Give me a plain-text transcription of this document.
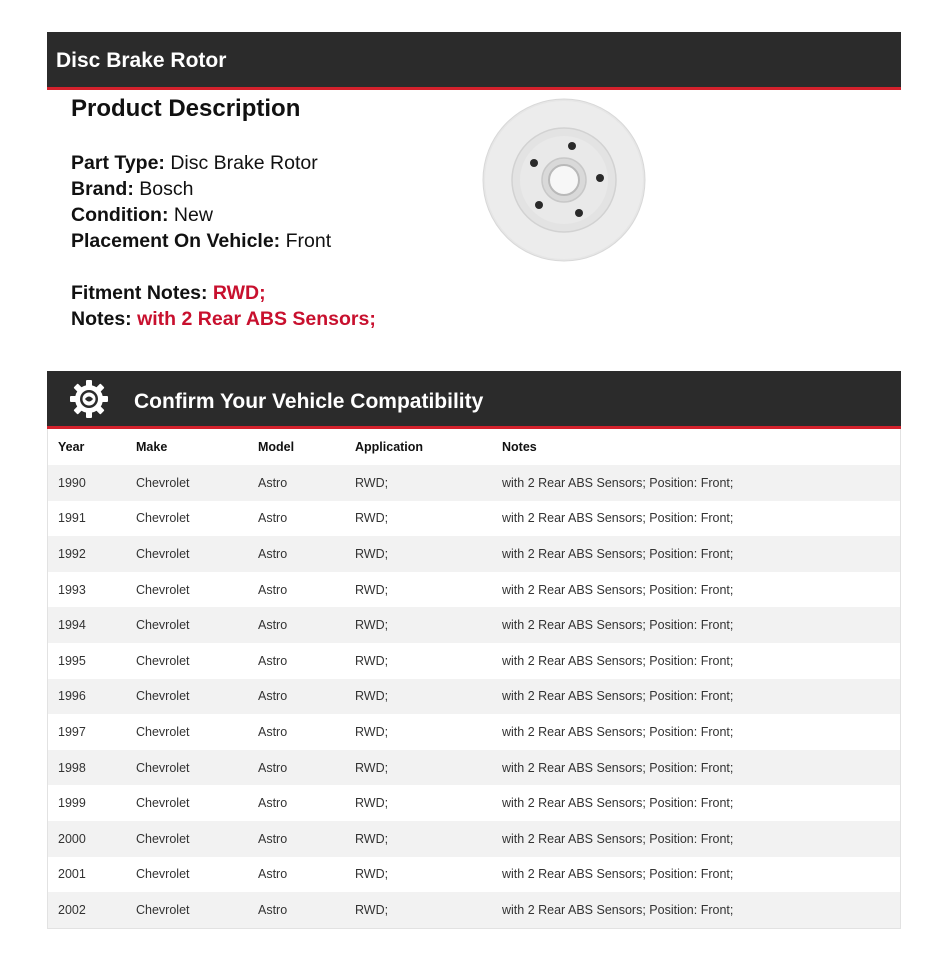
Disc Brake Rotor
Product Description
Part Type: Disc Brake Rotor
Brand: Bosch
Condition: New
Placement On Vehicle: Front
Fitment Notes: RWD;
Notes: with 2 Rear ABS Sensors;
Confirm Your Vehicle Compatibility
Year	Make	Model	Application	Notes
1990	Chevrolet	Astro	RWD;	with 2 Rear ABS Sensors; Position: Front;
1991	Chevrolet	Astro	RWD;	with 2 Rear ABS Sensors; Position: Front;
1992	Chevrolet	Astro	RWD;	with 2 Rear ABS Sensors; Position: Front;
1993	Chevrolet	Astro	RWD;	with 2 Rear ABS Sensors; Position: Front;
1994	Chevrolet	Astro	RWD;	with 2 Rear ABS Sensors; Position: Front;
1995	Chevrolet	Astro	RWD;	with 2 Rear ABS Sensors; Position: Front;
1996	Chevrolet	Astro	RWD;	with 2 Rear ABS Sensors; Position: Front;
1997	Chevrolet	Astro	RWD;	with 2 Rear ABS Sensors; Position: Front;
1998	Chevrolet	Astro	RWD;	with 2 Rear ABS Sensors; Position: Front;
1999	Chevrolet	Astro	RWD;	with 2 Rear ABS Sensors; Position: Front;
2000	Chevrolet	Astro	RWD;	with 2 Rear ABS Sensors; Position: Front;
2001	Chevrolet	Astro	RWD;	with 2 Rear ABS Sensors; Position: Front;
2002	Chevrolet	Astro	RWD;	with 2 Rear ABS Sensors; Position: Front;
